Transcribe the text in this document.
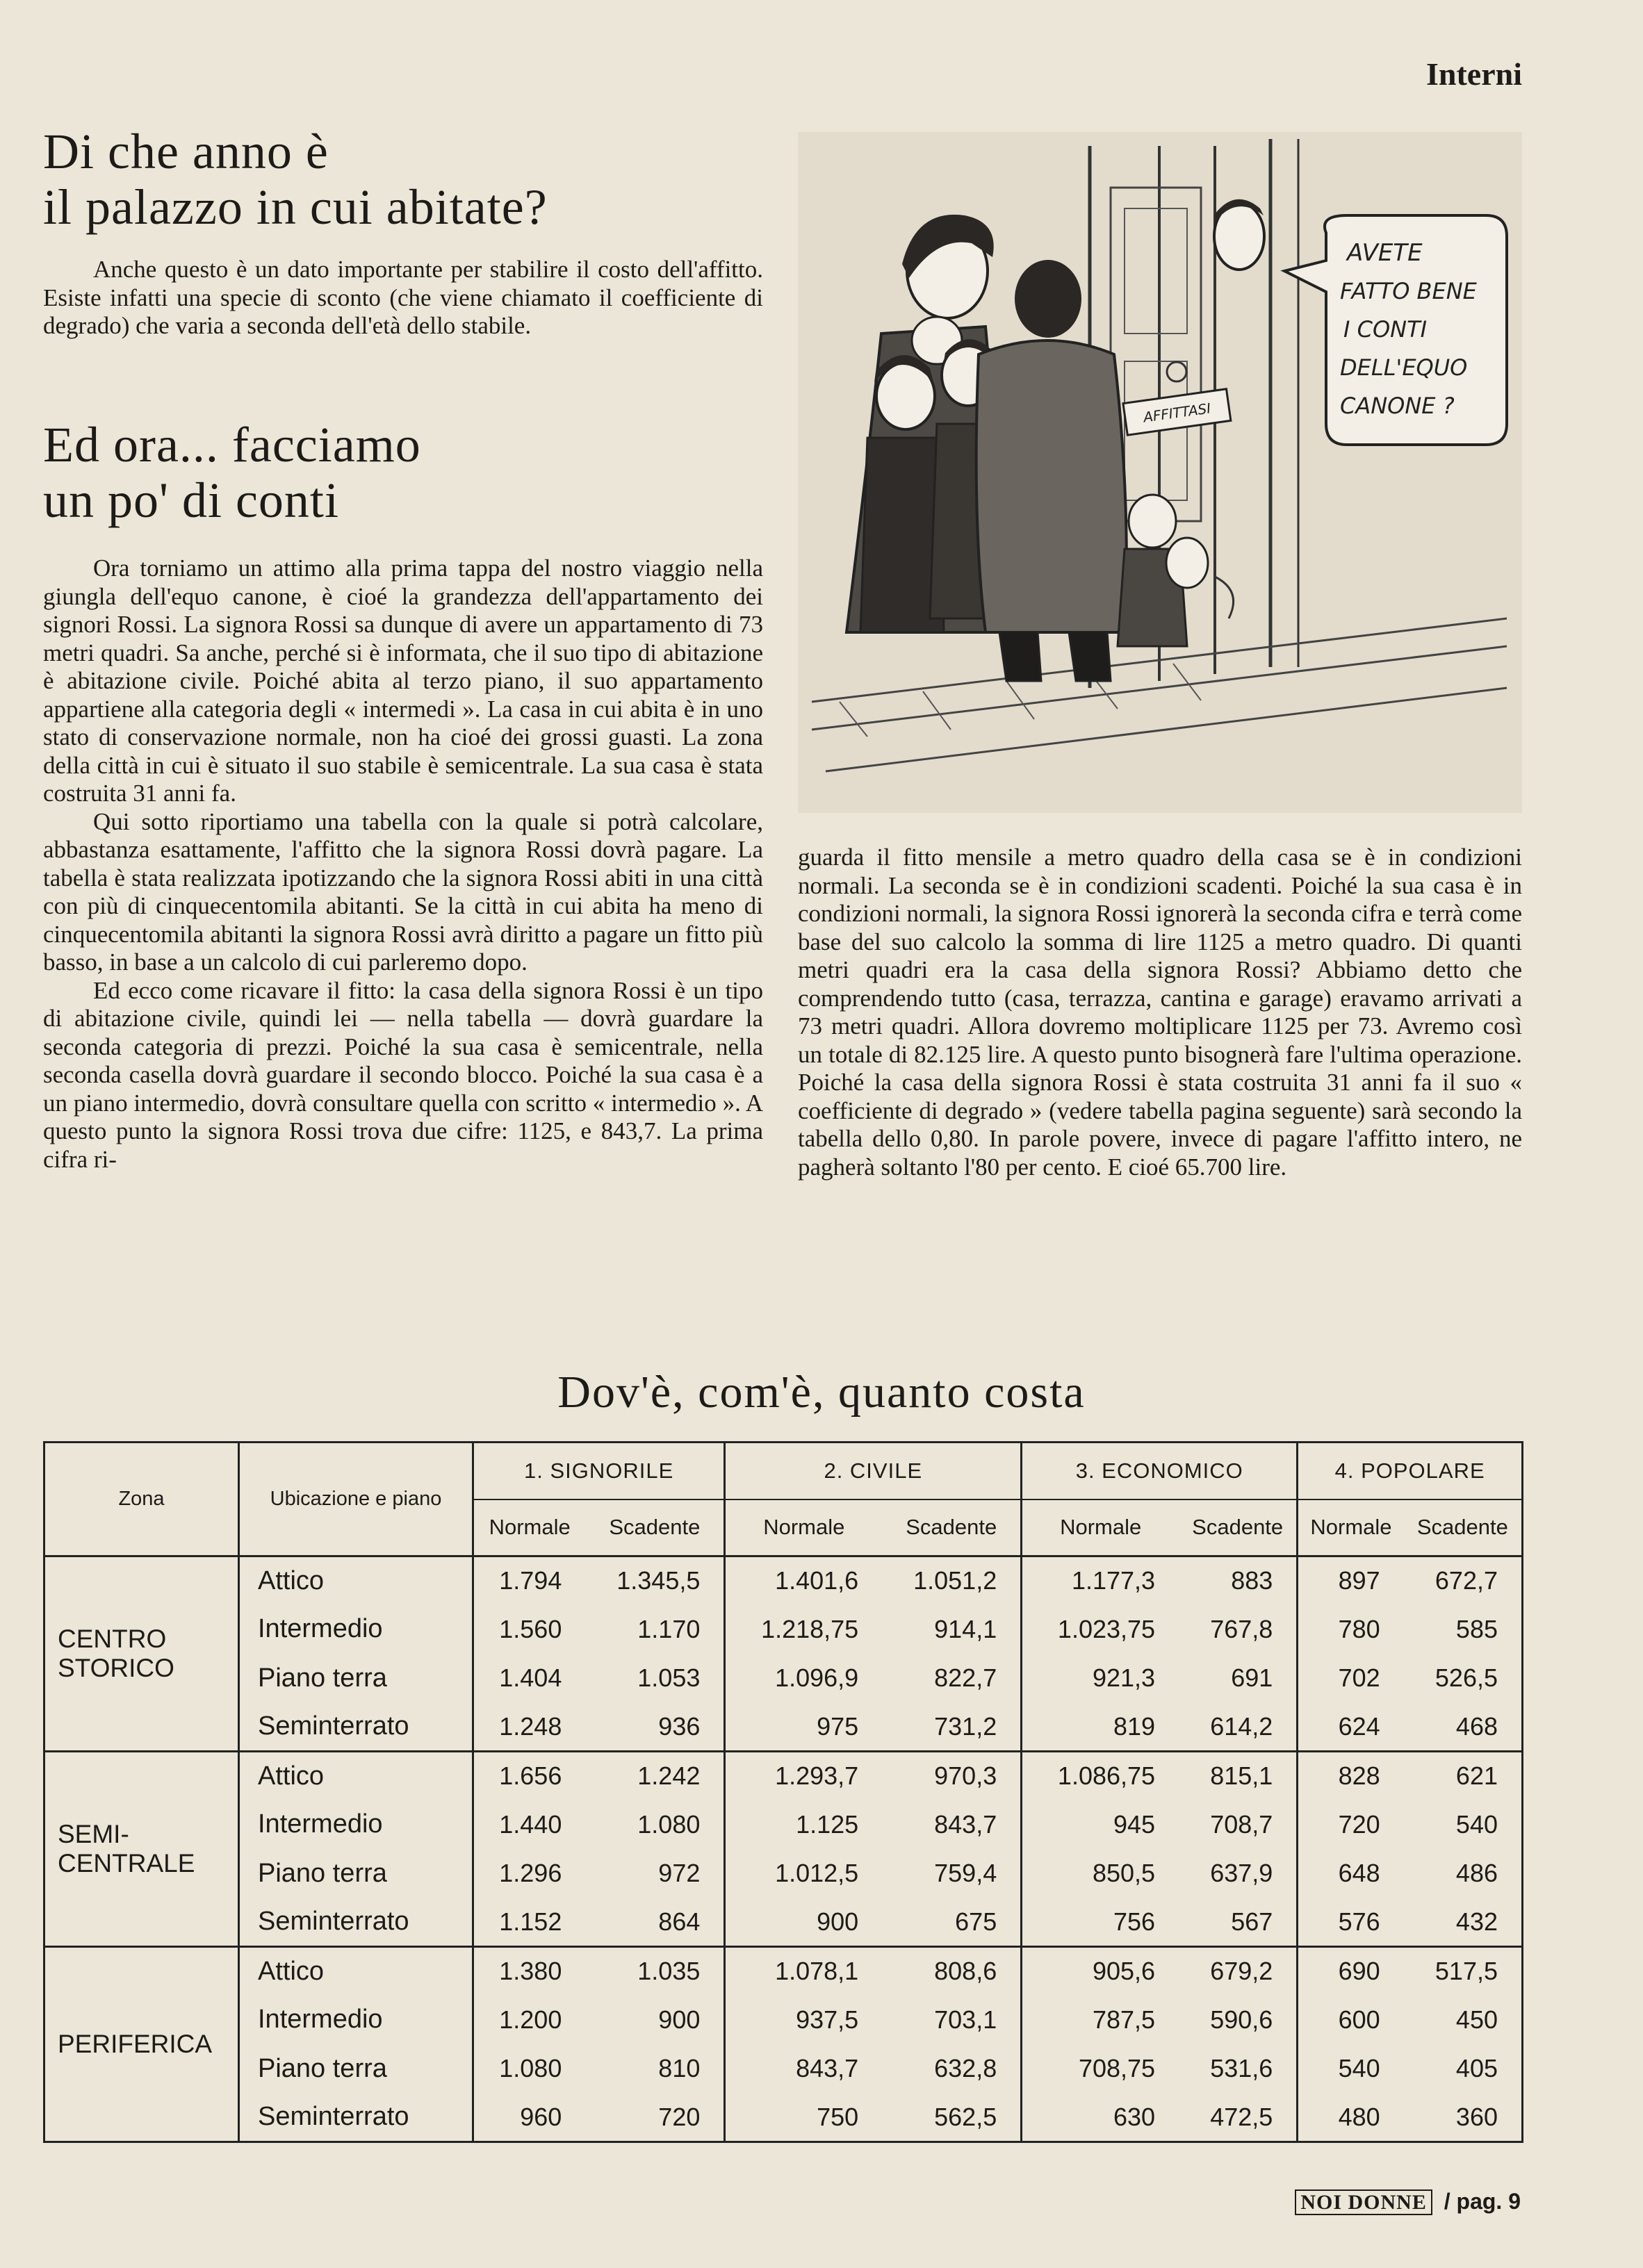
Interni
Di che anno è
il palazzo in cui abitate?

Anche questo è un dato importante per stabilire il costo dell'affitto. Esiste infatti una specie di sconto (che viene chiamato il coefficiente di degrado) che varia a seconda dell'età dello stabile.

Ed ora... facciamo
un po' di conti

Ora torniamo un attimo alla prima tappa del nostro viaggio nella giungla dell'equo canone, è cioé la grandezza dell'appartamento dei signori Rossi. La signora Rossi sa dunque di avere un appartamento di 73 metri quadri. Sa anche, perché si è informata, che il suo tipo di abitazione è abitazione civile. Poiché abita al terzo piano, il suo appartamento appartiene alla categoria degli « intermedi ». La casa in cui abita è in uno stato di conservazione normale, non ha cioé dei grossi guasti. La zona della città in cui è situato il suo stabile è semicentrale. La sua casa è stata costruita 31 anni fa.

Qui sotto riportiamo una tabella con la quale si potrà calcolare, abbastanza esattamente, l'affitto che la signora Rossi dovrà pagare. La tabella è stata realizzata ipotizzando che la signora Rossi abiti in una città con più di cinquecentomila abitanti. Se la città in cui abita ha meno di cinquecentomila abitanti la signora Rossi avrà diritto a pagare un fitto più basso, in base a un calcolo di cui parleremo dopo.

Ed ecco come ricavare il fitto: la casa della signora Rossi è un tipo di abitazione civile, quindi lei — nella tabella — dovrà guardare la seconda categoria di prezzi. Poiché la sua casa è semicentrale, nella seconda casella dovrà guardare il secondo blocco. Poiché la sua casa è a un piano intermedio, dovrà consultare quella con scritto « intermedio ». A questo punto la signora Rossi trova due cifre: 1125, e 843,7. La prima cifra ri-

guarda il fitto mensile a metro quadro della casa se è in condizioni normali. La seconda se è in condizioni scadenti. Poiché la sua casa è in condizioni normali, la signora Rossi ignorerà la seconda cifra e terrà come base del suo calcolo la somma di lire 1125 a metro quadro. Di quanti metri quadri era la casa della signora Rossi? Abbiamo detto che comprendendo tutto (casa, terrazza, cantina e garage) eravamo arrivati a 73 metri quadri. Allora dovremo moltiplicare 1125 per 73. Avremo così un totale di 82.125 lire. A questo punto bisognerà fare l'ultima operazione. Poiché la casa della signora Rossi è stata costruita 31 anni fa il suo « coefficiente di degrado » (vedere tabella pagina seguente) sarà secondo la tabella dello 0,80. In parole povere, invece di pagare l'affitto intero, ne pagherà soltanto l'80 per cento. E cioé 65.700 lire.

AFFITTASI
AVETE
FATTO BENE
I CONTI
DELL'EQUO
CANONE ?
Dov'è, com'è, quanto costa
Zona	Ubicazione e piano	1. SIGNORILE		2. CIVILE		3. ECONOMICO		4. POPOLARE	
		Normale	Scadente	Normale	Scadente	Normale	Scadente	Normale	Scadente
CENTRO
STORICO	Attico	1.794	1.345,5	1.401,6	1.051,2	1.177,3	883	897	672,7
	Intermedio	1.560	1.170	1.218,75	914,1	1.023,75	767,8	780	585
	Piano terra	1.404	1.053	1.096,9	822,7	921,3	691	702	526,5
	Seminterrato	1.248	936	975	731,2	819	614,2	624	468
SEMI-
CENTRALE	Attico	1.656	1.242	1.293,7	970,3	1.086,75	815,1	828	621
	Intermedio	1.440	1.080	1.125	843,7	945	708,7	720	540
	Piano terra	1.296	972	1.012,5	759,4	850,5	637,9	648	486
	Seminterrato	1.152	864	900	675	756	567	576	432
PERIFERICA	Attico	1.380	1.035	1.078,1	808,6	905,6	679,2	690	517,5
	Intermedio	1.200	900	937,5	703,1	787,5	590,6	600	450
	Piano terra	1.080	810	843,7	632,8	708,75	531,6	540	405
	Seminterrato	960	720	750	562,5	630	472,5	480	360
NOI DONNE / pag. 9
